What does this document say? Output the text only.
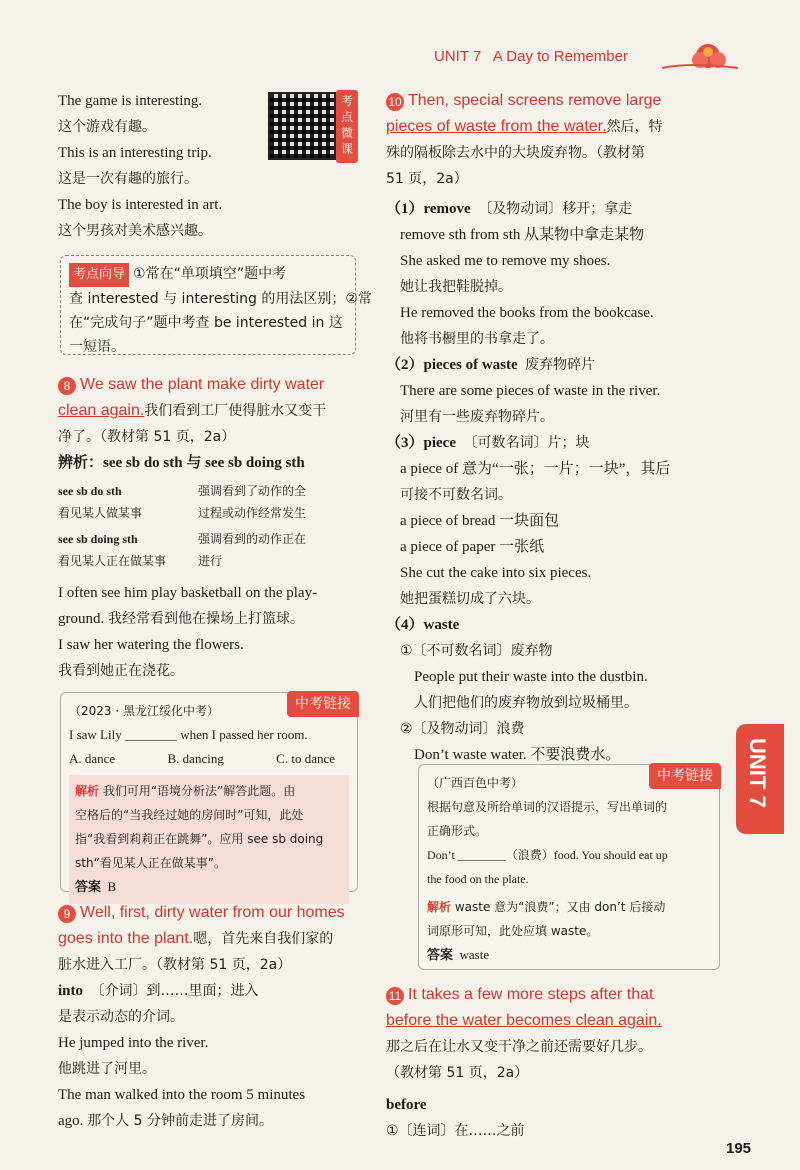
UNIT 7 A Day to Remember
考点微课
The game is interesting.
这个游戏有趣。
This is an interesting trip.
这是一次有趣的旅行。
The boy is interested in art.
这个男孩对美术感兴趣。
考点向导 ①常在“单项填空”题中考
查 interested 与 interesting 的用法区别；②常
在“完成句子”题中考查 be interested in 这
一短语。
8 We saw the plant make dirty water
clean again.我们看到工厂使得脏水又变干
净了。（教材第 51 页，2a）
辨析：see sb do sth 与 see sb doing sth
see sb do sth	强调看到了动作的全
看见某人做某事	过程或动作经常发生
see sb doing sth	强调看到的动作正在
看见某人正在做某事	进行
I often see him play basketball on the play-
ground. 我经常看到他在操场上打篮球。
I saw her watering the flowers.
我看到她正在浇花。
中考链接
（2023 · 黑龙江绥化中考）
I saw Lily ________ when I passed her room.
A. dance	B. dancing	C. to dance
解析 我们可用“语境分析法”解答此题。由
空格后的“当我经过她的房间时”可知，此处
指“我看到莉莉正在跳舞”。应用 see sb doing
sth“看见某人正在做某事”。
答案 B
9 Well, first, dirty water from our homes
goes into the plant.嗯，首先来自我们家的
脏水进入工厂。（教材第 51 页，2a）
into 〔介词〕到……里面；进入
是表示动态的介词。
He jumped into the river.
他跳进了河里。
The man walked into the room 5 minutes
ago. 那个人 5 分钟前走进了房间。
10 Then, special screens remove large
pieces of waste from the water.然后，特
殊的隔板除去水中的大块废弃物。（教材第
51 页，2a）
（1）remove 〔及物动词〕移开；拿走
remove sth from sth 从某物中拿走某物
She asked me to remove my shoes.
她让我把鞋脱掉。
He removed the books from the bookcase.
他将书橱里的书拿走了。
（2）pieces of waste 废弃物碎片
There are some pieces of waste in the river.
河里有一些废弃物碎片。
（3）piece 〔可数名词〕片；块
a piece of 意为“一张；一片；一块”，其后
可接不可数名词。
a piece of bread 一块面包
a piece of paper 一张纸
She cut the cake into six pieces.
她把蛋糕切成了六块。
（4）waste
①〔不可数名词〕废弃物
People put their waste into the dustbin.
人们把他们的废弃物放到垃圾桶里。
②〔及物动词〕浪费
Don’t waste water. 不要浪费水。
中考链接
（广西百色中考）
根据句意及所给单词的汉语提示，写出单词的
正确形式。
Don’t ________（浪费）food. You should eat up
the food on the plate.
解析 waste 意为“浪费”；又由 don’t 后接动
词原形可知，此处应填 waste。
答案 waste
11 It takes a few more steps after that
before the water becomes clean again.
那之后在让水又变干净之前还需要好几步。
（教材第 51 页，2a）
before
①〔连词〕在……之前
UNIT 7
195
